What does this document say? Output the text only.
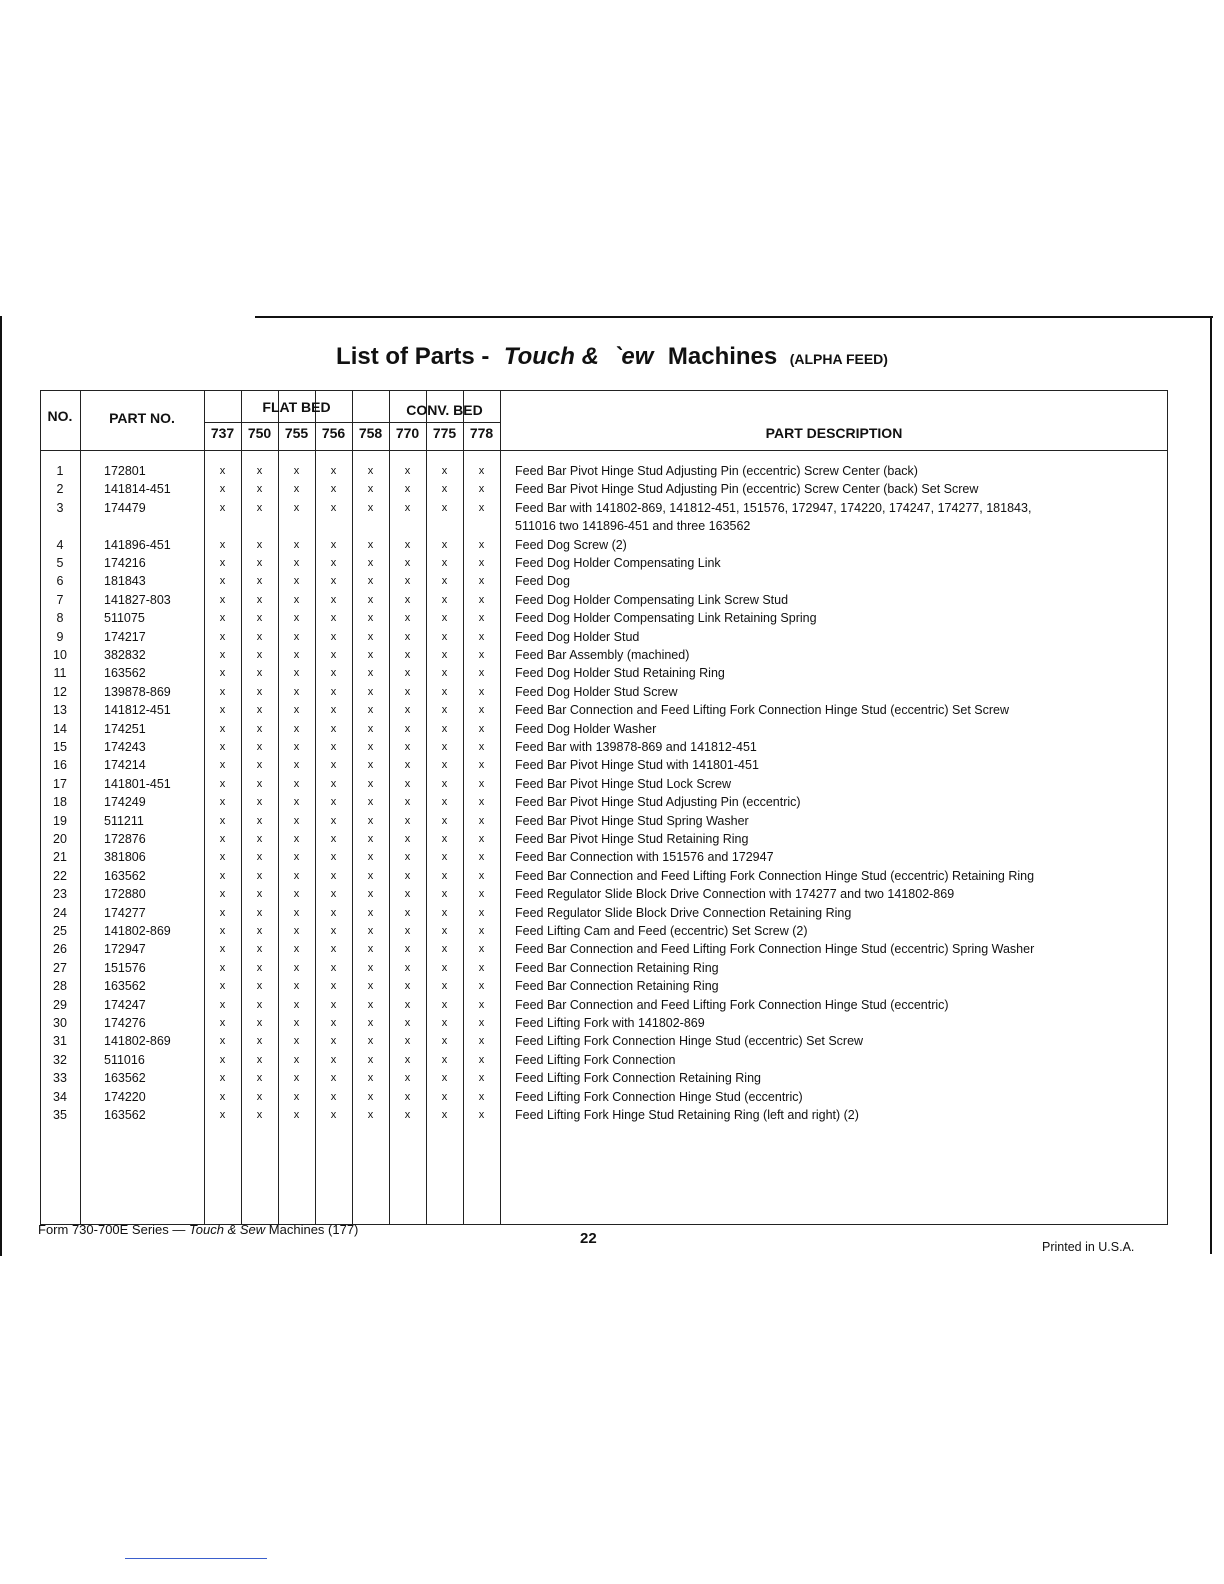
List of Parts - Touch & `ew Machines (ALPHA FEED)
NO.	PART NO.
FLAT BED	CONV. BED
PART DESCRIPTION
737 750 755 756 758 770 775 778
1	172801	x	x	x	x	x	x	x	x	Feed Bar Pivot Hinge Stud Adjusting Pin (eccentric) Screw Center (back)
2	141814-451	x	x	x	x	x	x	x	x	Feed Bar Pivot Hinge Stud Adjusting Pin (eccentric) Screw Center (back) Set Screw
3	174479	x	x	x	x	x	x	x	x	Feed Bar with 141802-869, 141812-451, 151576, 172947, 174220, 174247, 174277, 181843,
511016 two 141896-451 and three 163562
4	141896-451	x	x	x	x	x	x	x	x	Feed Dog Screw (2)
5	174216	x	x	x	x	x	x	x	x	Feed Dog Holder Compensating Link
6	181843	x	x	x	x	x	x	x	x	Feed Dog
7	141827-803	x	x	x	x	x	x	x	x	Feed Dog Holder Compensating Link Screw Stud
8	511075	x	x	x	x	x	x	x	x	Feed Dog Holder Compensating Link Retaining Spring
9	174217	x	x	x	x	x	x	x	x	Feed Dog Holder Stud
10	382832	x	x	x	x	x	x	x	x	Feed Bar Assembly (machined)
11	163562	x	x	x	x	x	x	x	x	Feed Dog Holder Stud Retaining Ring
12	139878-869	x	x	x	x	x	x	x	x	Feed Dog Holder Stud Screw
13	141812-451	x	x	x	x	x	x	x	x	Feed Bar Connection and Feed Lifting Fork Connection Hinge Stud (eccentric) Set Screw
14	174251	x	x	x	x	x	x	x	x	Feed Dog Holder Washer
15	174243	x	x	x	x	x	x	x	x	Feed Bar with 139878-869 and 141812-451
16	174214	x	x	x	x	x	x	x	x	Feed Bar Pivot Hinge Stud with 141801-451
17	141801-451	x	x	x	x	x	x	x	x	Feed Bar Pivot Hinge Stud Lock Screw
18	174249	x	x	x	x	x	x	x	x	Feed Bar Pivot Hinge Stud Adjusting Pin (eccentric)
19	511211	x	x	x	x	x	x	x	x	Feed Bar Pivot Hinge Stud Spring Washer
20	172876	x	x	x	x	x	x	x	x	Feed Bar Pivot Hinge Stud Retaining Ring
21	381806	x	x	x	x	x	x	x	x	Feed Bar Connection with 151576 and 172947
22	163562	x	x	x	x	x	x	x	x	Feed Bar Connection and Feed Lifting Fork Connection Hinge Stud (eccentric) Retaining Ring
23	172880	x	x	x	x	x	x	x	x	Feed Regulator Slide Block Drive Connection with 174277 and two 141802-869
24	174277	x	x	x	x	x	x	x	x	Feed Regulator Slide Block Drive Connection Retaining Ring
25	141802-869	x	x	x	x	x	x	x	x	Feed Lifting Cam and Feed (eccentric) Set Screw (2)
26	172947	x	x	x	x	x	x	x	x	Feed Bar Connection and Feed Lifting Fork Connection Hinge Stud (eccentric) Spring Washer
27	151576	x	x	x	x	x	x	x	x	Feed Bar Connection Retaining Ring
28	163562	x	x	x	x	x	x	x	x	Feed Bar Connection Retaining Ring
29	174247	x	x	x	x	x	x	x	x	Feed Bar Connection and Feed Lifting Fork Connection Hinge Stud (eccentric)
30	174276	x	x	x	x	x	x	x	x	Feed Lifting Fork with 141802-869
31	141802-869	x	x	x	x	x	x	x	x	Feed Lifting Fork Connection Hinge Stud (eccentric) Set Screw
32	511016	x	x	x	x	x	x	x	x	Feed Lifting Fork Connection
33	163562	x	x	x	x	x	x	x	x	Feed Lifting Fork Connection Retaining Ring
34	174220	x	x	x	x	x	x	x	x	Feed Lifting Fork Connection Hinge Stud (eccentric)
35	163562	x	x	x	x	x	x	x	x	Feed Lifting Fork Hinge Stud Retaining Ring (left and right) (2)
Form 730-700E Series — Touch & Sew Machines (177)
22	Printed in U.S.A.
